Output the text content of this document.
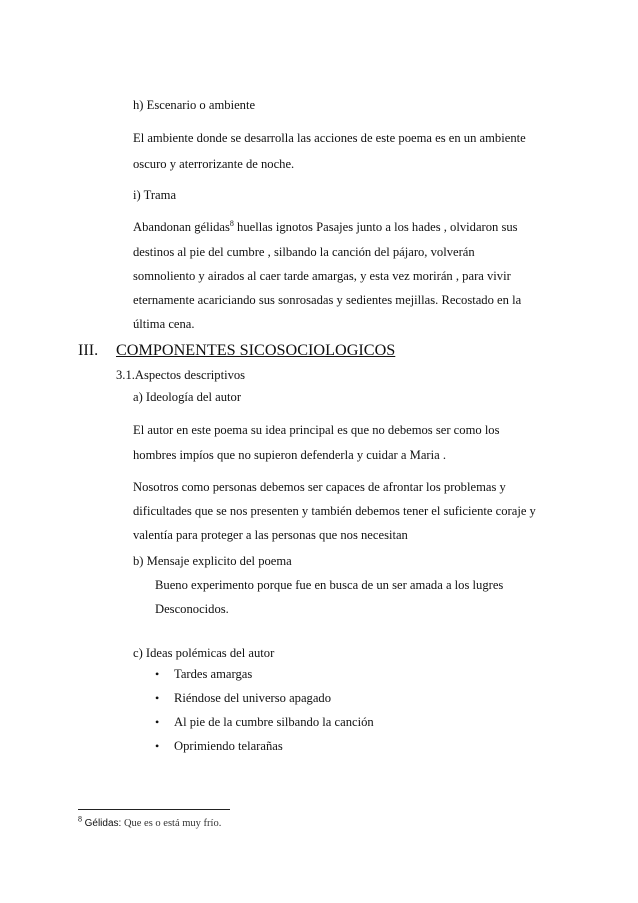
h) Escenario o ambiente
El ambiente donde se desarrolla las acciones de este poema es en un ambiente
oscuro y aterrorizante de noche.
i) Trama
Abandonan gélidas$^8$ huellas ignotos Pasajes junto a los hades , olvidaron sus
destinos al pie del cumbre , silbando la canción del pájaro, volverán
somnoliento y airados al caer tarde amargas, y esta vez morirán , para vivir
eternamente acariciando sus sonrosadas y sedientes mejillas. Recostado en la
última cena.
III. COMPONENTES SICOSOCIOLOGICOS
3.1.Aspectos descriptivos
a) Ideología del autor
El autor en este poema su idea principal es que no debemos ser como los
hombres impíos que no supieron defenderla y cuidar a Maria .
Nosotros como personas debemos ser capaces de afrontar los problemas y
dificultades que se nos presenten y también debemos tener el suficiente coraje y
valentía para proteger a las personas que nos necesitan
b) Mensaje explicito del poema
Bueno experimento porque fue en busca de un ser amada a los lugres
Desconocidos.
c) Ideas polémicas del autor
• Tardes amargas
• Riéndose del universo apagado
• Al pie de la cumbre silbando la canción
• Oprimiendo telarañas
$^8$ Gélidas: Que es o está muy frío.
